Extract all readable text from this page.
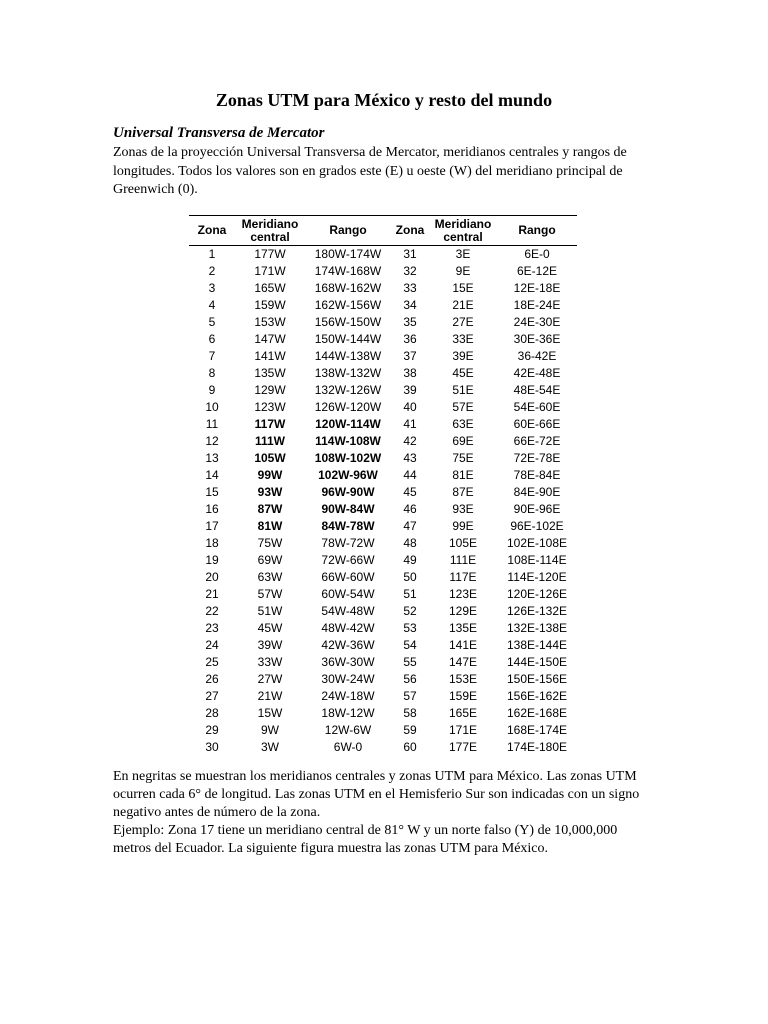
Zonas UTM para México y resto del mundo
Universal Transversa de Mercator

Zonas de la proyección Universal Transversa de Mercator, meridianos centrales y rangos de longitudes. Todos los valores son en grados este (E) u oeste (W) del meridiano principal de Greenwich (0).

Zona	Meridiano central	Rango	Zona	Meridiano central	Rango
1	177W	180W-174W	31	3E	6E-0
2	171W	174W-168W	32	9E	6E-12E
3	165W	168W-162W	33	15E	12E-18E
4	159W	162W-156W	34	21E	18E-24E
5	153W	156W-150W	35	27E	24E-30E
6	147W	150W-144W	36	33E	30E-36E
7	141W	144W-138W	37	39E	36-42E
8	135W	138W-132W	38	45E	42E-48E
9	129W	132W-126W	39	51E	48E-54E
10	123W	126W-120W	40	57E	54E-60E
11	117W	120W-114W	41	63E	60E-66E
12	111W	114W-108W	42	69E	66E-72E
13	105W	108W-102W	43	75E	72E-78E
14	99W	102W-96W	44	81E	78E-84E
15	93W	96W-90W	45	87E	84E-90E
16	87W	90W-84W	46	93E	90E-96E
17	81W	84W-78W	47	99E	96E-102E
18	75W	78W-72W	48	105E	102E-108E
19	69W	72W-66W	49	111E	108E-114E
20	63W	66W-60W	50	117E	114E-120E
21	57W	60W-54W	51	123E	120E-126E
22	51W	54W-48W	52	129E	126E-132E
23	45W	48W-42W	53	135E	132E-138E
24	39W	42W-36W	54	141E	138E-144E
25	33W	36W-30W	55	147E	144E-150E
26	27W	30W-24W	56	153E	150E-156E
27	21W	24W-18W	57	159E	156E-162E
28	15W	18W-12W	58	165E	162E-168E
29	9W	12W-6W	59	171E	168E-174E
30	3W	6W-0	60	177E	174E-180E

En negritas se muestran los meridianos centrales y zonas UTM para México. Las zonas UTM ocurren cada 6° de longitud. Las zonas UTM en el Hemisferio Sur son indicadas con un signo negativo antes de número de la zona.

Ejemplo: Zona 17 tiene un meridiano central de 81° W y un norte falso (Y) de 10,000,000 metros del Ecuador. La siguiente figura muestra las zonas UTM para México.
